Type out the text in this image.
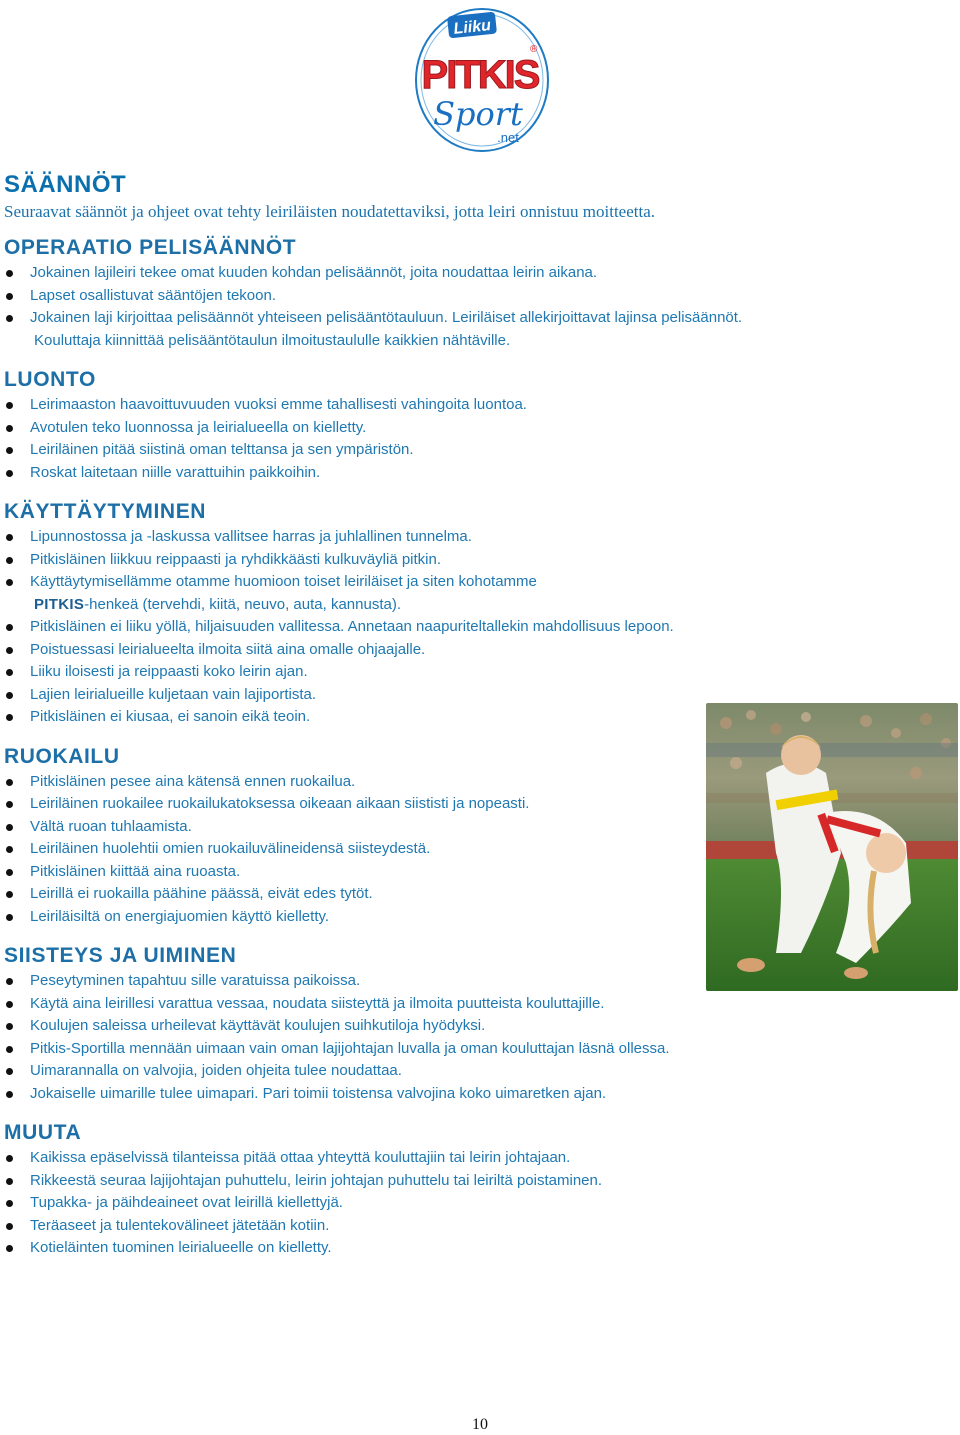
Liiku
PITKIS
®
Sport
.net
SÄÄNNÖT

Seuraavat säännöt ja ohjeet ovat tehty leiriläisten noudatettaviksi, jotta leiri onnistuu moitteetta.

OPERAATIO PELISÄÄNNÖT
Jokainen lajileiri tekee omat kuuden kohdan pelisäännöt, joita noudattaa leirin aikana.
Lapset osallistuvat sääntöjen tekoon.
Jokainen laji kirjoittaa pelisäännöt yhteiseen pelisääntötauluun. Leiriläiset allekirjoittavat lajinsa pelisäännöt.
Kouluttaja kiinnittää pelisääntötaulun ilmoitustaululle kaikkien nähtäville.
LUONTO
Leirimaaston haavoittuvuuden vuoksi emme tahallisesti vahingoita luontoa.
Avotulen teko luonnossa ja leirialueella on kielletty.
Leiriläinen pitää siistinä oman telttansa ja sen ympäristön.
Roskat laitetaan niille varattuihin paikkoihin.
KÄYTTÄYTYMINEN
Lipunnostossa ja -laskussa vallitsee harras ja juhlallinen tunnelma.
Pitkisläinen liikkuu reippaasti ja ryhdikkäästi kulkuväyliä pitkin.
Käyttäytymisellämme otamme huomioon toiset leiriläiset ja siten kohotamme
PITKIS-henkeä (tervehdi, kiitä, neuvo, auta, kannusta).
Pitkisläinen ei liiku yöllä, hiljaisuuden vallitessa. Annetaan naapuriteltallekin mahdollisuus lepoon.
Poistuessasi leirialueelta ilmoita siitä aina omalle ohjaajalle.
Liiku iloisesti ja reippaasti koko leirin ajan.
Lajien leirialueille kuljetaan vain lajiportista.
Pitkisläinen ei kiusaa, ei sanoin eikä teoin.
RUOKAILU
Pitkisläinen pesee aina kätensä ennen ruokailua.
Leiriläinen ruokailee ruokailukatoksessa oikeaan aikaan siististi ja nopeasti.
Vältä ruoan tuhlaamista.
Leiriläinen huolehtii omien ruokailuvälineidensä siisteydestä.
Pitkisläinen kiittää aina ruoasta.
Leirillä ei ruokailla päähine päässä, eivät edes tytöt.
Leiriläisiltä on energiajuomien käyttö kielletty.
SIISTEYS JA UIMINEN
Peseytyminen tapahtuu sille varatuissa paikoissa.
Käytä aina leirillesi varattua vessaa, noudata siisteyttä ja ilmoita puutteista kouluttajille.
Koulujen saleissa urheilevat käyttävät koulujen suihkutiloja hyödyksi.
Pitkis-Sportilla mennään uimaan vain oman lajijohtajan luvalla ja oman kouluttajan läsnä ollessa.
Uimarannalla on valvojia, joiden ohjeita tulee noudattaa.
Jokaiselle uimarille tulee uimapari. Pari toimii toistensa valvojina koko uimaretken ajan.
MUUTA
Kaikissa epäselvissä tilanteissa pitää ottaa yhteyttä kouluttajiin tai leirin johtajaan.
Rikkeestä seuraa lajijohtajan puhuttelu, leirin johtajan puhuttelu tai leiriltä poistaminen.
Tupakka- ja päihdeaineet ovat leirillä kiellettyjä.
Teräaseet ja tulentekovälineet jätetään kotiin.
Kotieläinten tuominen leirialueelle on kielletty.
10
